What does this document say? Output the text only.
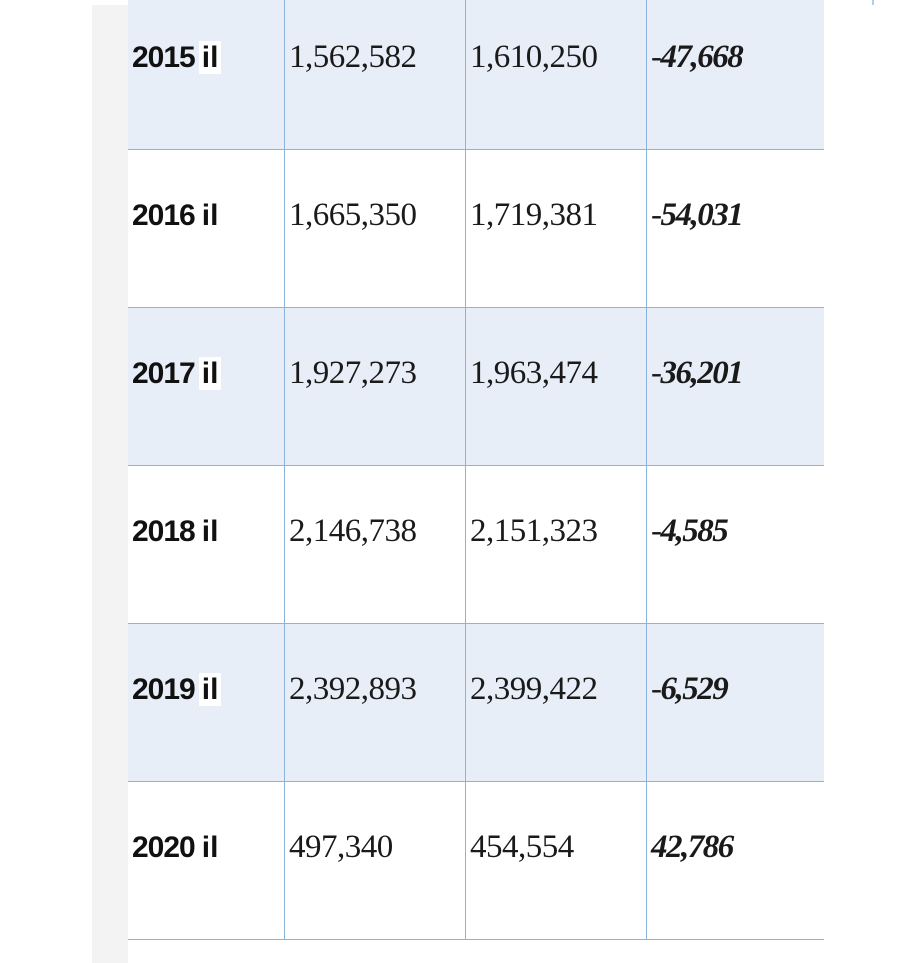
2015 il	1,562,582	1,610,250	-47,668

2016 il	1,665,350	1,719,381	-54,031

2017 il	1,927,273	1,963,474	-36,201

2018 il	2,146,738	2,151,323	-4,585

2019 il	2,392,893	2,399,422	-6,529

2020 il	497,340	454,554	42,786
